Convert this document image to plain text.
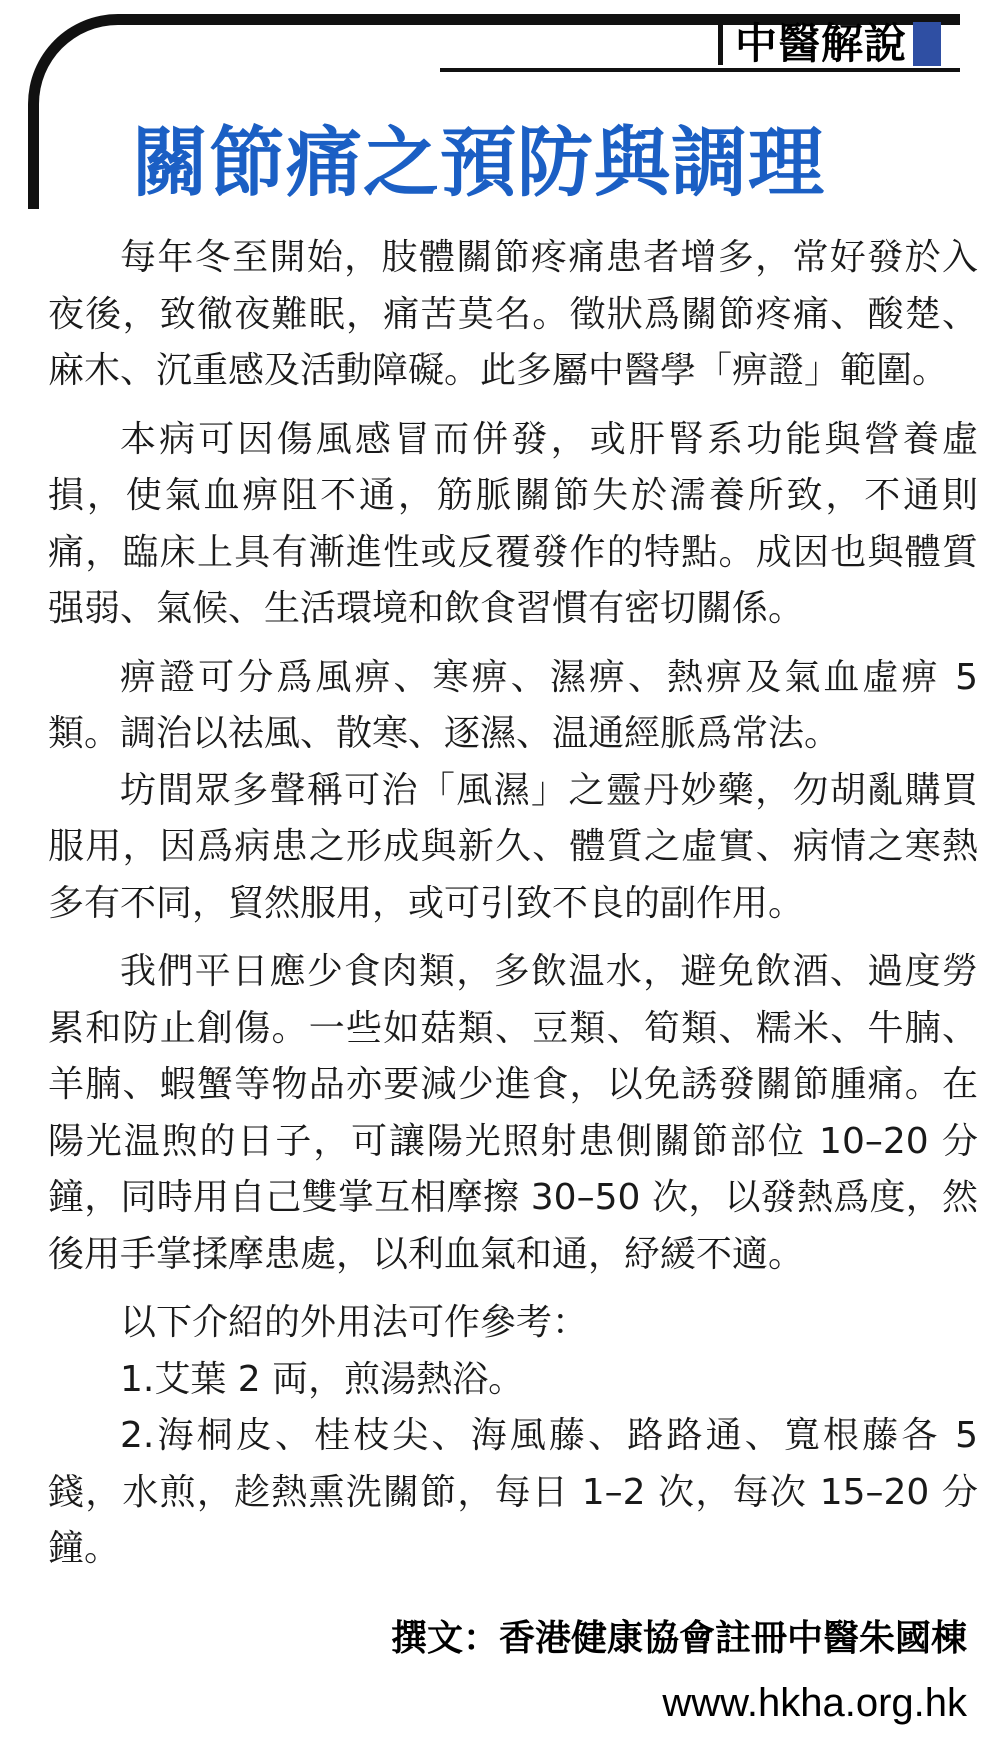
中醫解說
關節痛之預防與調理

每年冬至開始，肢體關節疼痛患者增多，常好發於入夜後，致徹夜難眠，痛苦莫名。徵狀爲關節疼痛、酸楚、麻木、沉重感及活動障礙。此多屬中醫學「痹證」範圍。

本病可因傷風感冒而併發，或肝腎系功能與營養虛損，使氣血痹阻不通，筋脈關節失於濡養所致，不通則痛，臨床上具有漸進性或反覆發作的特點。成因也與體質强弱、氣候、生活環境和飲食習慣有密切關係。

痹證可分爲風痹、寒痹、濕痹、熱痹及氣血虛痹 5 類。調治以祛風、散寒、逐濕、温通經脈爲常法。

坊間眾多聲稱可治「風濕」之靈丹妙藥，勿胡亂購買服用，因爲病患之形成與新久、體質之虛實、病情之寒熱多有不同，貿然服用，或可引致不良的副作用。

我們平日應少食肉類，多飲温水，避免飲酒、過度勞累和防止創傷。一些如菇類、豆類、筍類、糯米、牛腩、羊腩、蝦蟹等物品亦要減少進食，以免誘發關節腫痛。在陽光温煦的日子，可讓陽光照射患側關節部位 10–20 分鐘，同時用自己雙掌互相摩擦 30–50 次，以發熱爲度，然後用手掌揉摩患處，以利血氣和通，紓緩不適。

以下介紹的外用法可作參考：

1.艾葉 2 両，煎湯熱浴。

2.海桐皮、桂枝尖、海風藤、路路通、寬根藤各 5 錢，水煎，趁熱熏洗關節，每日 1–2 次，每次 15–20 分鐘。

撰文：香港健康協會註冊中醫朱國棟
www.hkha.org.hk
